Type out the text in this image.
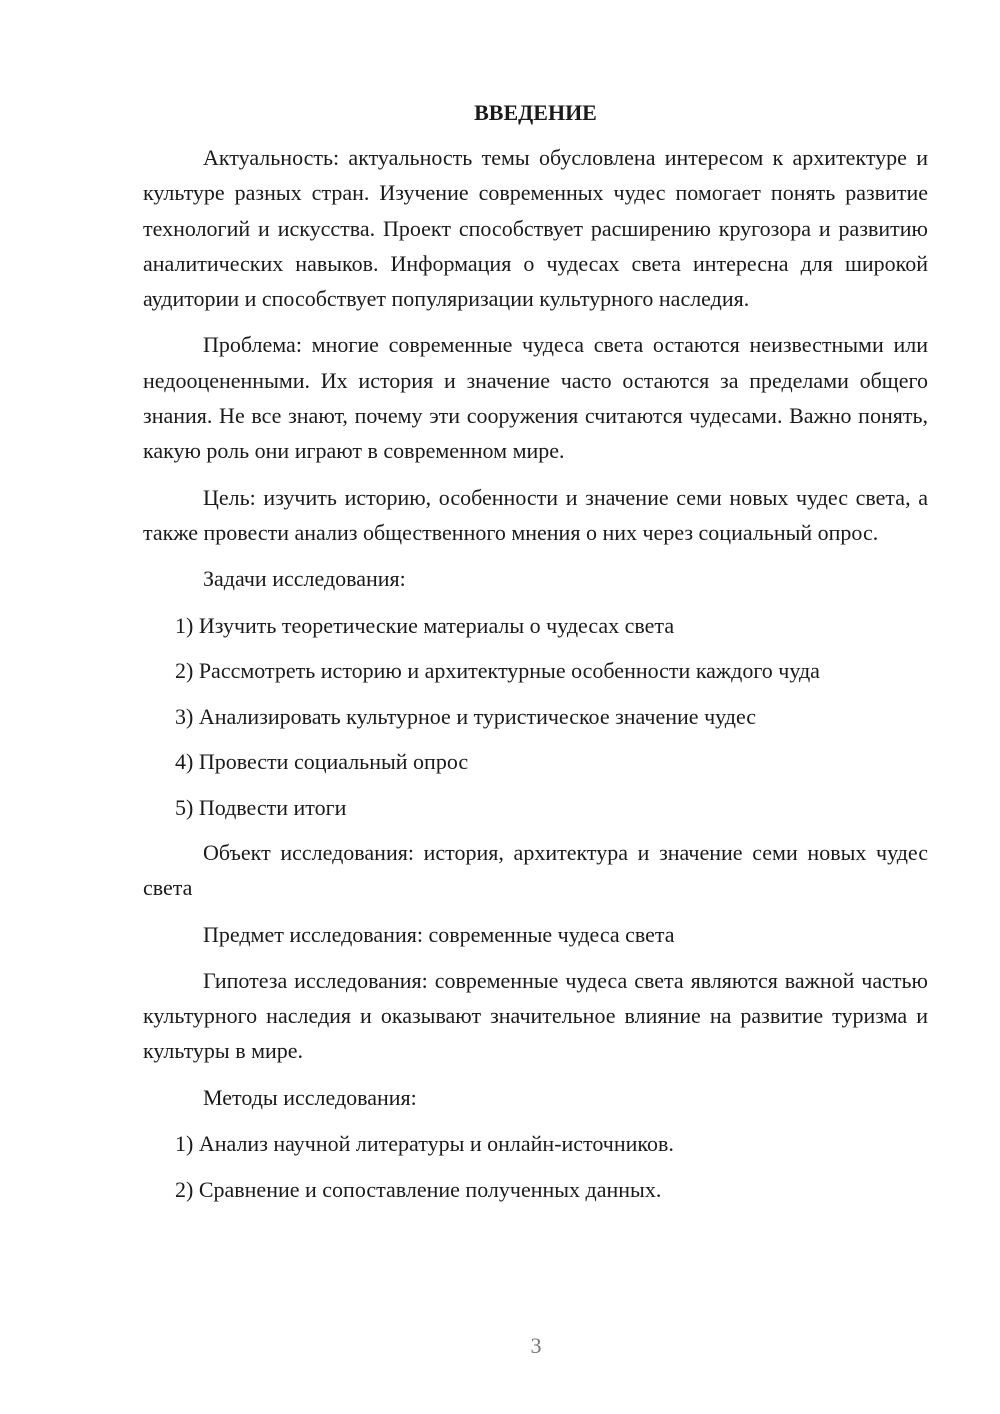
ВВЕДЕНИЕ

Актуальность: актуальность темы обусловлена интересом к архитектуре и культуре разных стран. Изучение современных чудес помогает понять развитие технологий и искусства. Проект способствует расширению кругозора и развитию аналитических навыков. Информация о чудесах света интересна для широкой аудитории и способствует популяризации культурного наследия.

Проблема: многие современные чудеса света остаются неизвестными или недооцененными. Их история и значение часто остаются за пределами общего знания. Не все знают, почему эти сооружения считаются чудесами. Важно понять, какую роль они играют в современном мире.

Цель: изучить историю, особенности и значение семи новых чудес света, а также провести анализ общественного мнения о них через социальный опрос.

Задачи исследования:

1) Изучить теоретические материалы о чудесах света

2) Рассмотреть историю и архитектурные особенности каждого чуда

3) Анализировать культурное и туристическое значение чудес

4) Провести социальный опрос

5) Подвести итоги

Объект исследования: история, архитектура и значение семи новых чудес света

Предмет исследования: современные чудеса света

Гипотеза исследования: современные чудеса света являются важной частью культурного наследия и оказывают значительное влияние на развитие туризма и культуры в мире.

Методы исследования:

1) Анализ научной литературы и онлайн-источников.

2) Сравнение и сопоставление полученных данных.

3
